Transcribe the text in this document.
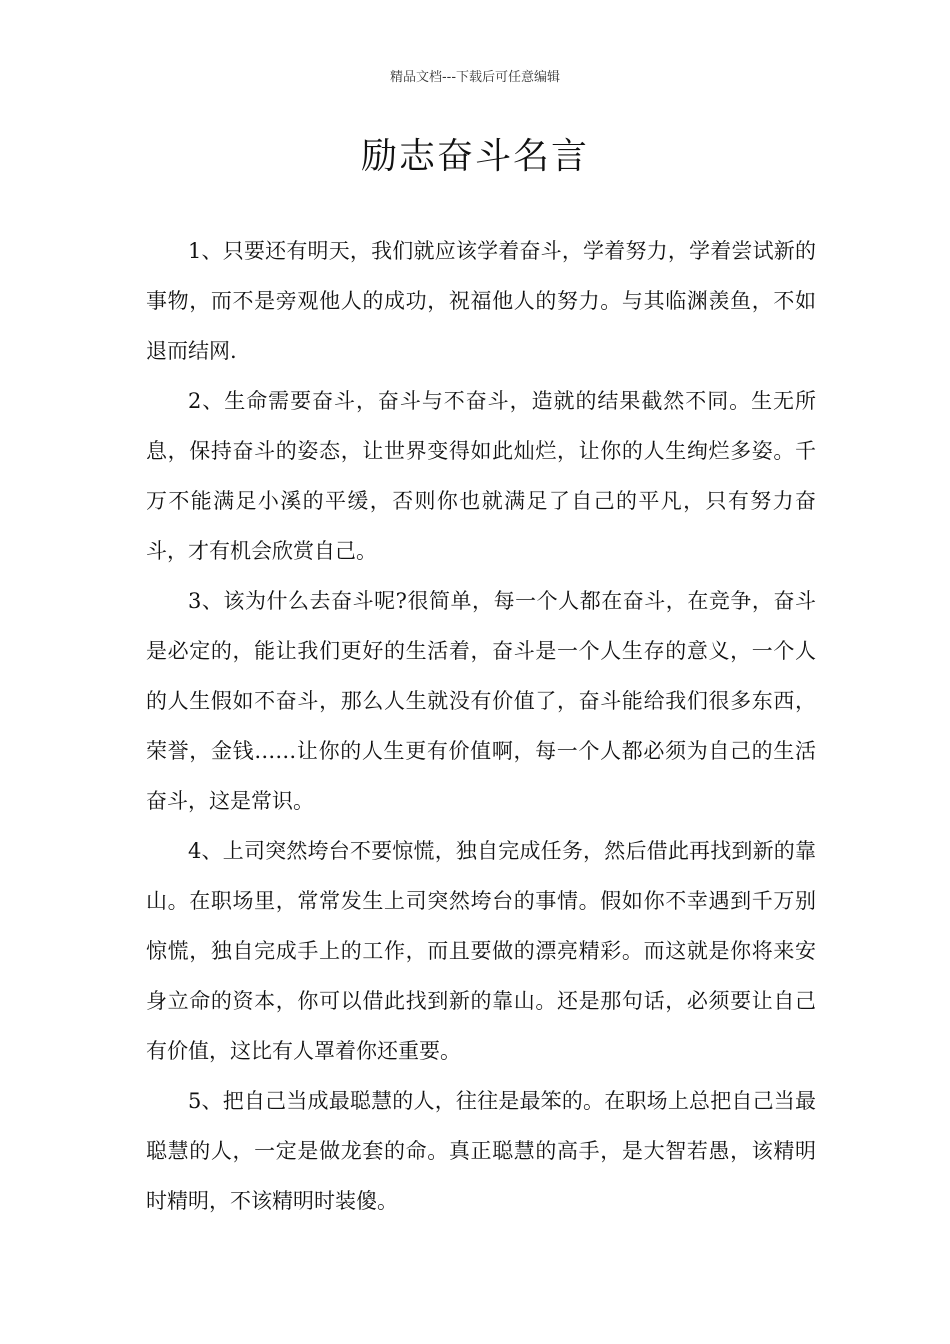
精品文档---下载后可任意编辑
励志奋斗名言

1、只要还有明天，我们就应该学着奋斗，学着努力，学着尝试新的事物，而不是旁观他人的成功，祝福他人的努力。与其临渊羡鱼，不如退而结网.

2、生命需要奋斗，奋斗与不奋斗，造就的结果截然不同。生无所息，保持奋斗的姿态，让世界变得如此灿烂，让你的人生绚烂多姿。千万不能满足小溪的平缓，否则你也就满足了自己的平凡，只有努力奋斗，才有机会欣赏自己。

3、该为什么去奋斗呢?很简单，每一个人都在奋斗，在竞争，奋斗是必定的，能让我们更好的生活着，奋斗是一个人生存的意义，一个人的人生假如不奋斗，那么人生就没有价值了，奋斗能给我们很多东西，荣誉，金钱……让你的人生更有价值啊，每一个人都必须为自己的生活奋斗，这是常识。

4、上司突然垮台不要惊慌，独自完成任务，然后借此再找到新的靠山。在职场里，常常发生上司突然垮台的事情。假如你不幸遇到千万别惊慌，独自完成手上的工作，而且要做的漂亮精彩。而这就是你将来安身立命的资本，你可以借此找到新的靠山。还是那句话，必须要让自己有价值，这比有人罩着你还重要。

5、把自己当成最聪慧的人，往往是最笨的。在职场上总把自己当最聪慧的人，一定是做龙套的命。真正聪慧的高手，是大智若愚，该精明时精明，不该精明时装傻。
